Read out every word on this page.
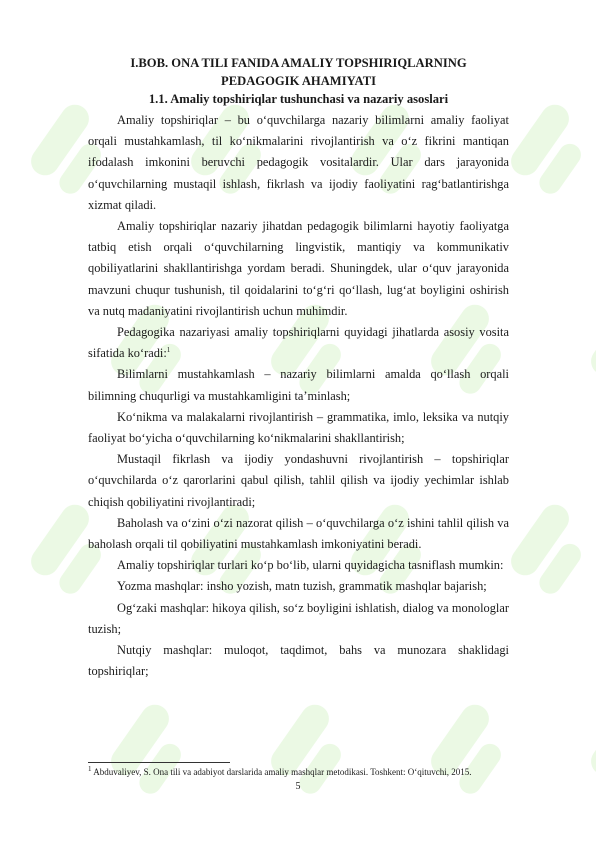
I.BOB. ONA TILI FANIDA AMALIY TOPSHIRIQLARNING

PEDAGOGIK AHAMIYATI

1.1. Amaliy topshiriqlar tushunchasi va nazariy asoslari

Amaliy topshiriqlar – bu o‘quvchilarga nazariy bilimlarni amaliy faoliyat orqali mustahkamlash, til ko‘nikmalarini rivojlantirish va o‘z fikrini mantiqan ifodalash imkonini beruvchi pedagogik vositalardir. Ular dars jarayonida o‘quvchilarning mustaqil ishlash, fikrlash va ijodiy faoliyatini rag‘batlantirishga xizmat qiladi.

Amaliy topshiriqlar nazariy jihatdan pedagogik bilimlarni hayotiy faoliyatga tatbiq etish orqali o‘quvchilarning lingvistik, mantiqiy va kommunikativ qobiliyatlarini shakllantirishga yordam beradi. Shuningdek, ular o‘quv jarayonida mavzuni chuqur tushunish, til qoidalarini to‘g‘ri qo‘llash, lug‘at boyligini oshirish va nutq madaniyatini rivojlantirish uchun muhimdir.

Pedagogika nazariyasi amaliy topshiriqlarni quyidagi jihatlarda asosiy vosita sifatida ko‘radi:$^1$

Bilimlarni mustahkamlash – nazariy bilimlarni amalda qo‘llash orqali bilimning chuqurligi va mustahkamligini ta’minlash;

Ko‘nikma va malakalarni rivojlantirish – grammatika, imlo, leksika va nutqiy faoliyat bo‘yicha o‘quvchilarning ko‘nikmalarini shakllantirish;

Mustaqil fikrlash va ijodiy yondashuvni rivojlantirish – topshiriqlar o‘quvchilarda o‘z qarorlarini qabul qilish, tahlil qilish va ijodiy yechimlar ishlab chiqish qobiliyatini rivojlantiradi;

Baholash va o‘zini o‘zi nazorat qilish – o‘quvchilarga o‘z ishini tahlil qilish va baholash orqali til qobiliyatini mustahkamlash imkoniyatini beradi.

Amaliy topshiriqlar turlari ko‘p bo‘lib, ularni quyidagicha tasniflash mumkin:

Yozma mashqlar: insho yozish, matn tuzish, grammatik mashqlar bajarish;

Og‘zaki mashqlar: hikoya qilish, so‘z boyligini ishlatish, dialog va monologlar tuzish;

Nutqiy mashqlar: muloqot, taqdimot, bahs va munozara shaklidagi topshiriqlar;

$^1$ Abduvaliyev, S. Ona tili va adabiyot darslarida amaliy mashqlar metodikasi. Toshkent: O‘qituvchi, 2015.
5
